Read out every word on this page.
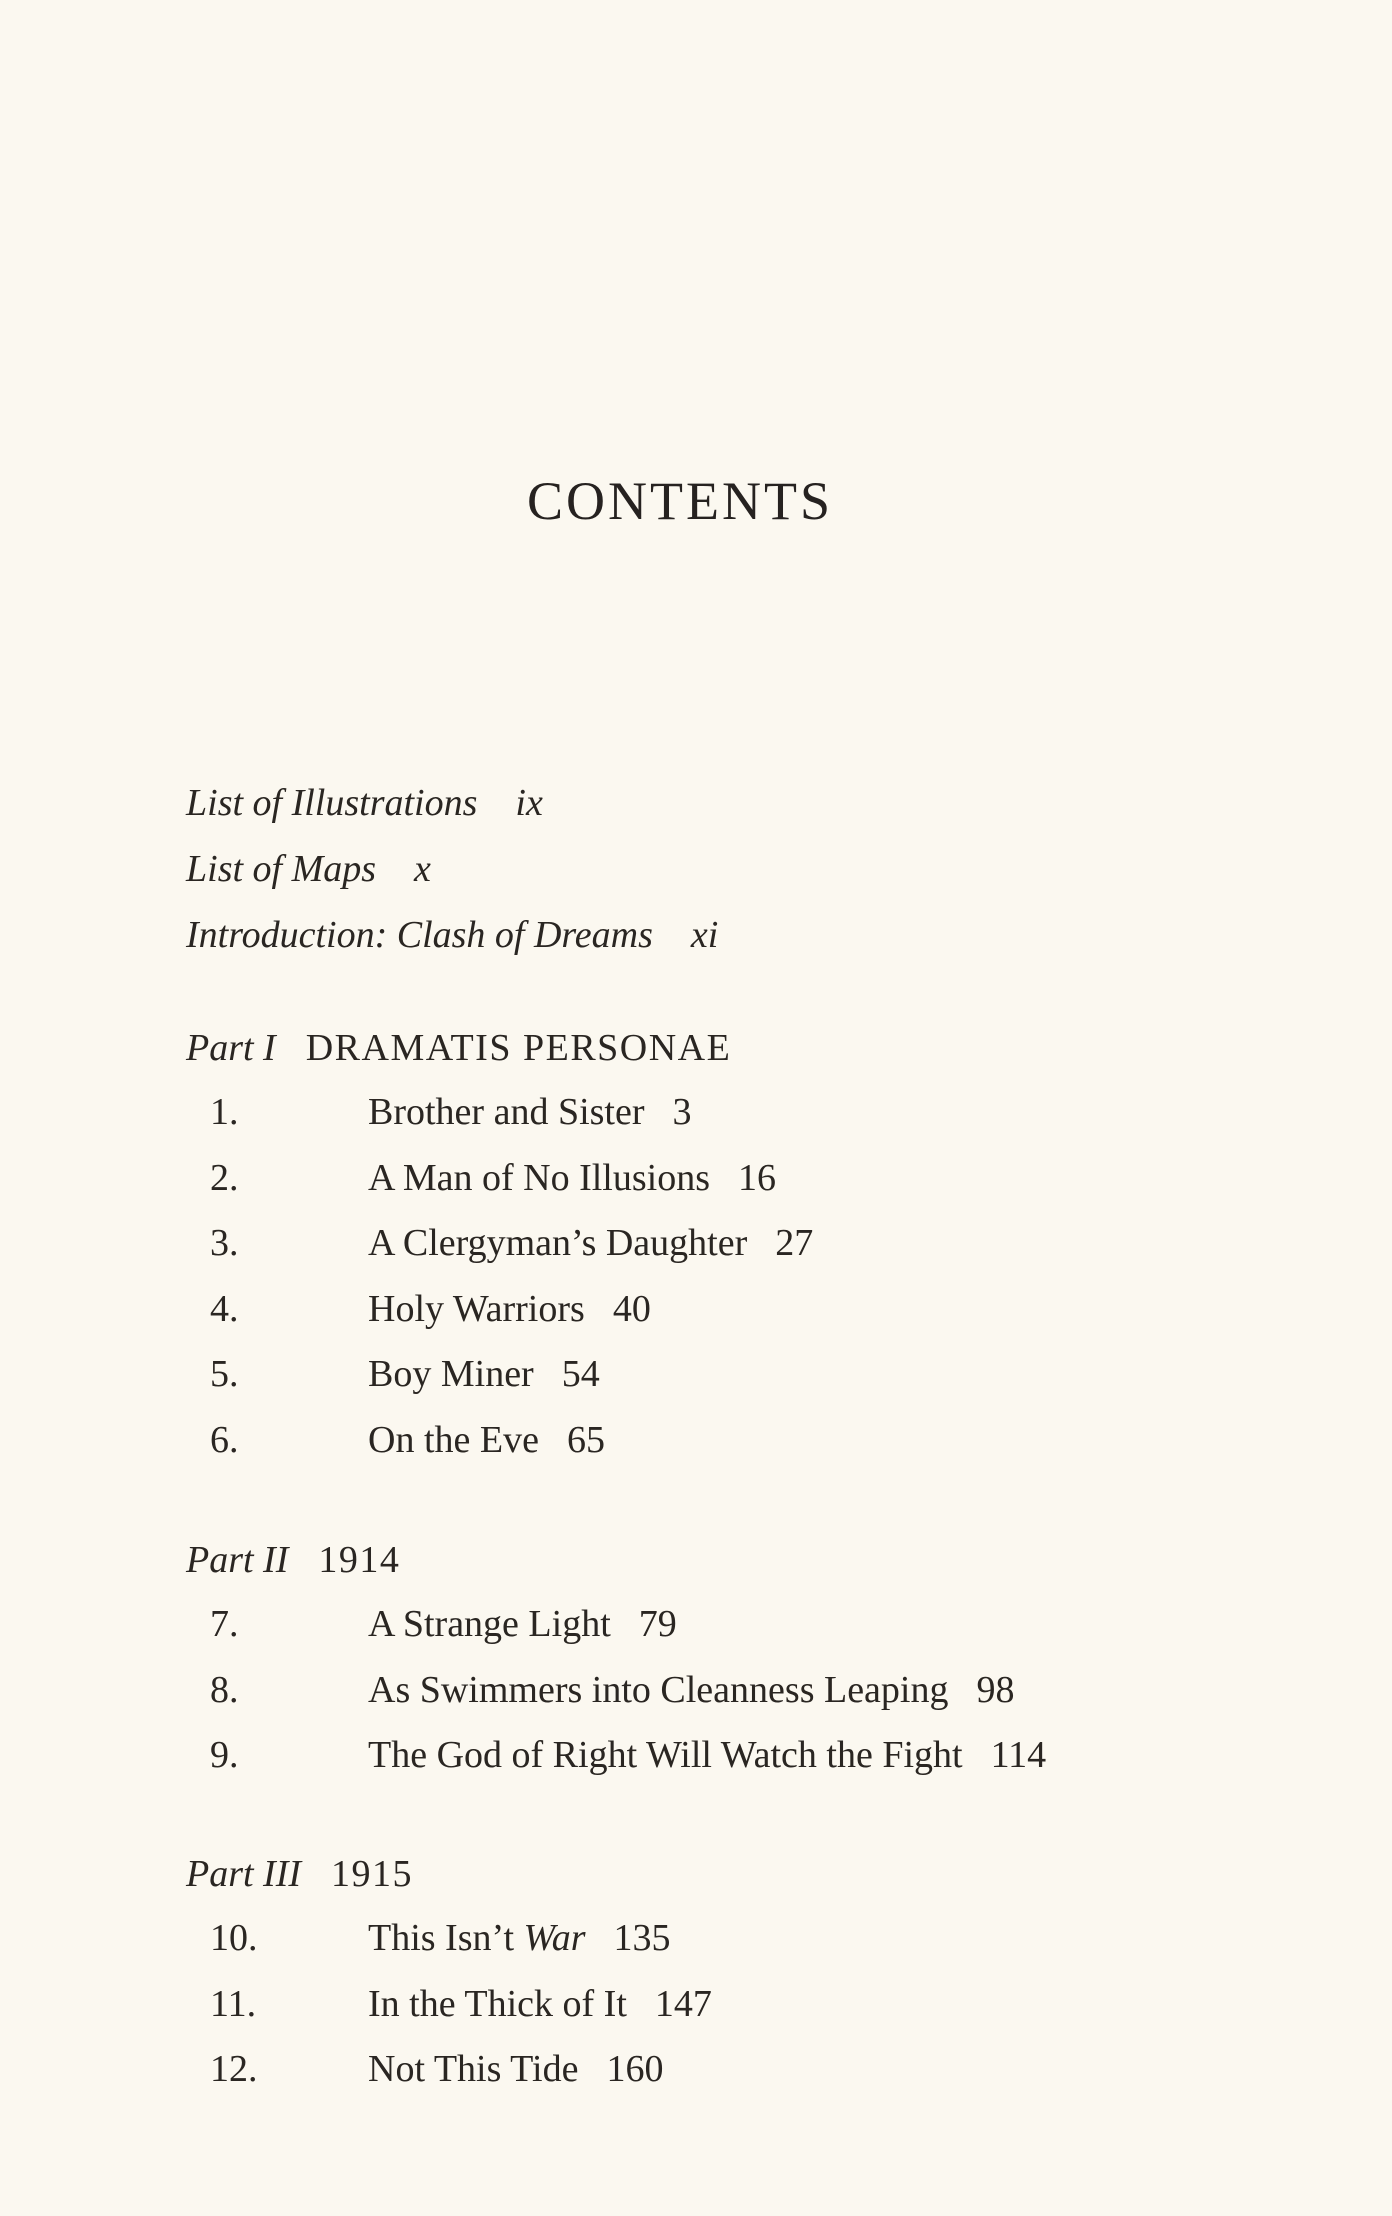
CONTENTS
List of Illustrations ix
List of Maps x
Introduction: Clash of Dreams xi
Part I DRAMATIS PERSONAE
1.	Brother and Sister 3
2.	A Man of No Illusions 16
3.	A Clergyman’s Daughter 27
4.	Holy Warriors 40
5.	Boy Miner 54
6.	On the Eve 65
Part II 1914
7.	A Strange Light 79
8.	As Swimmers into Cleanness Leaping 98
9.	The God of Right Will Watch the Fight 114
Part III 1915
10.	This Isn’t War 135
11.	In the Thick of It 147
12.	Not This Tide 160
